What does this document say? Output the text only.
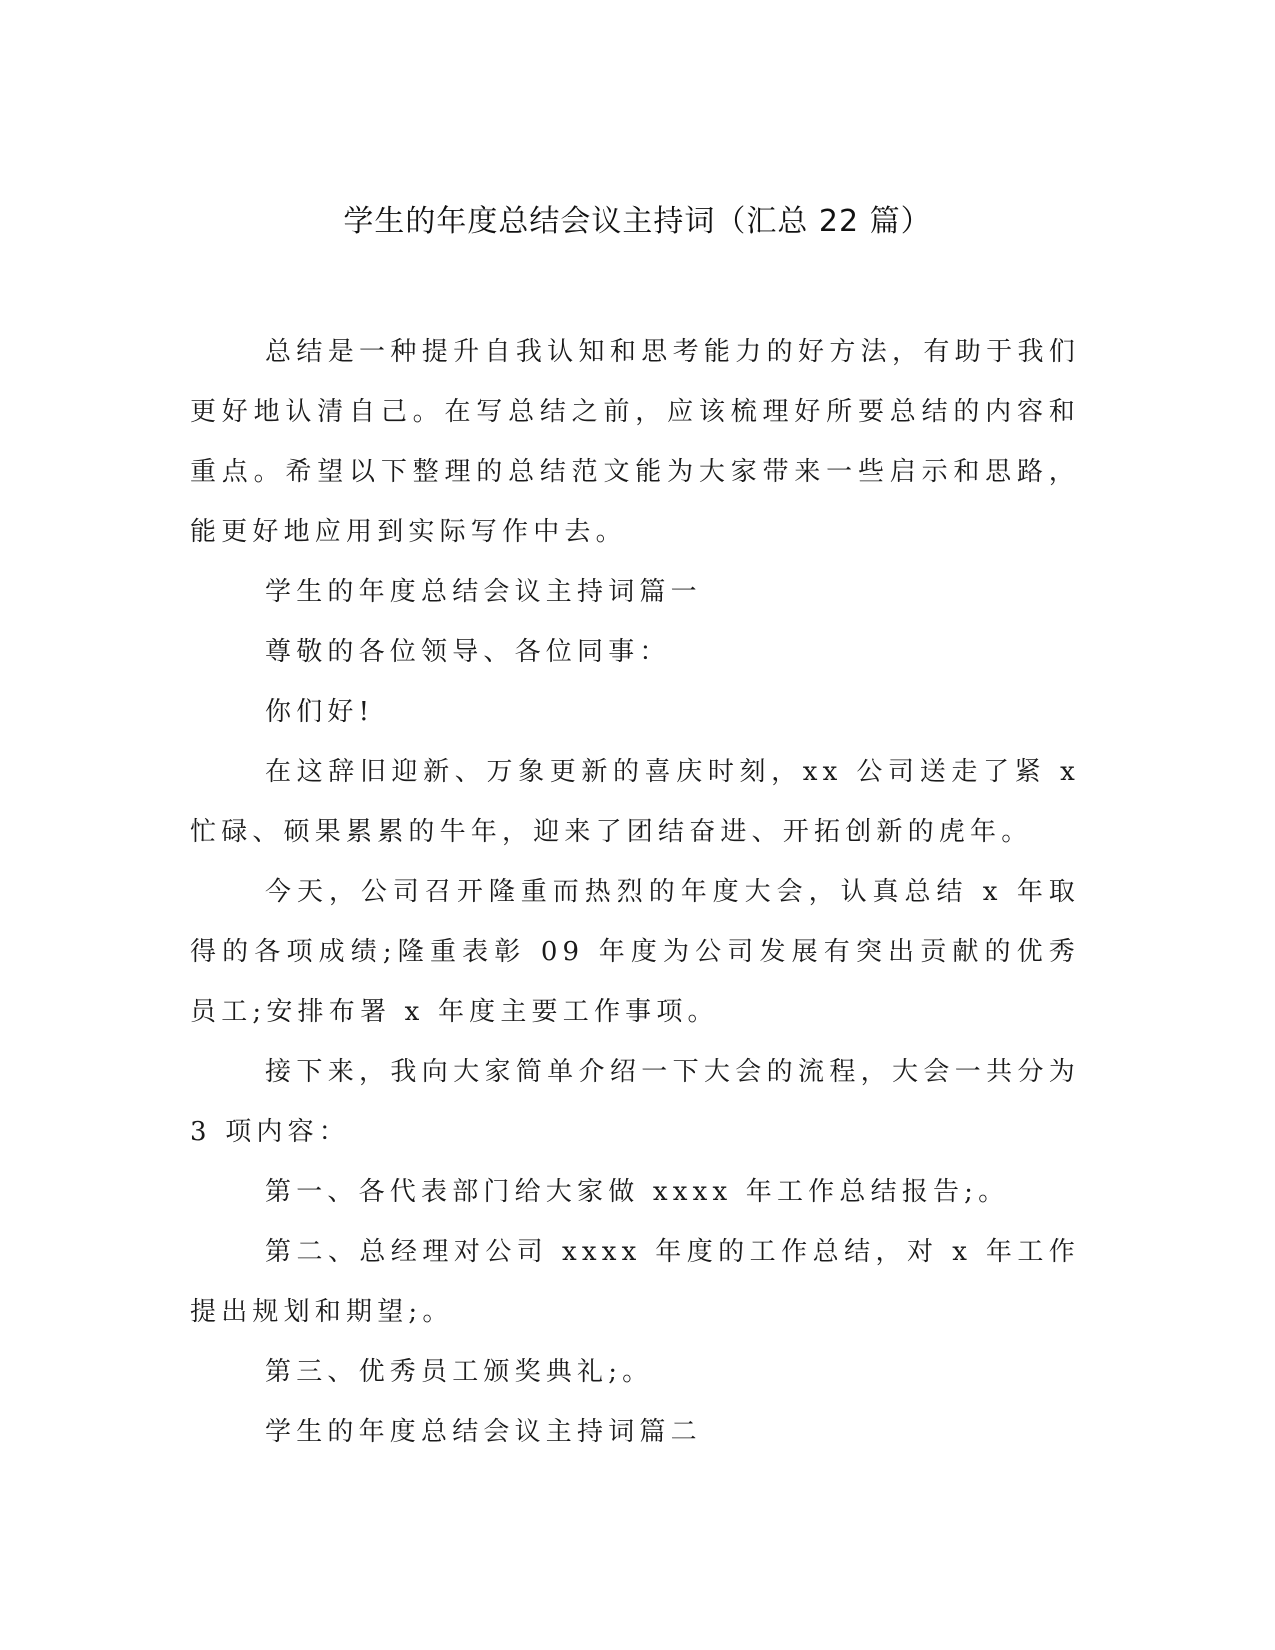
学生的年度总结会议主持词（汇总 22 篇）

总结是一种提升自我认知和思考能力的好方法，有助于我们更好地认清自己。在写总结之前，应该梳理好所要总结的内容和重点。希望以下整理的总结范文能为大家带来一些启示和思路，能更好地应用到实际写作中去。

学生的年度总结会议主持词篇一

尊敬的各位领导、各位同事：

你们好!

在这辞旧迎新、万象更新的喜庆时刻，xx 公司送走了紧 x 忙碌、硕果累累的牛年，迎来了团结奋进、开拓创新的虎年。

今天，公司召开隆重而热烈的年度大会，认真总结 x 年取得的各项成绩;隆重表彰 09 年度为公司发展有突出贡献的优秀员工;安排布署 x 年度主要工作事项。

接下来，我向大家简单介绍一下大会的流程，大会一共分为 3 项内容：

第一、各代表部门给大家做 xxxx 年工作总结报告;。

第二、总经理对公司 xxxx 年度的工作总结，对 x 年工作提出规划和期望;。

第三、优秀员工颁奖典礼;。

学生的年度总结会议主持词篇二
